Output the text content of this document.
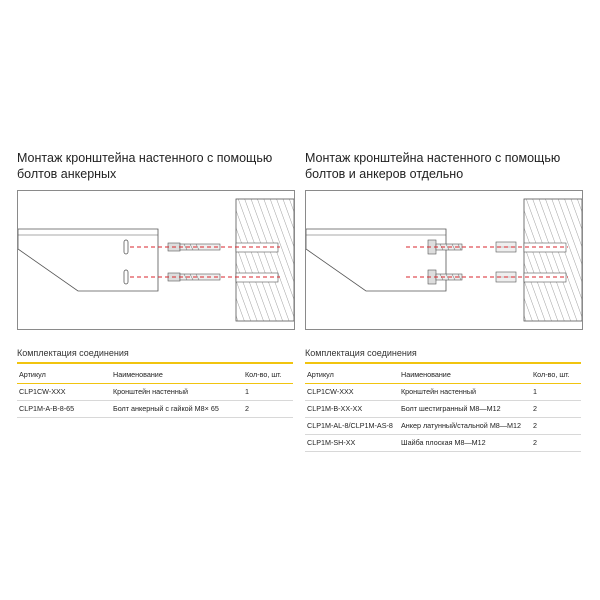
Монтаж кронштейна настенного с помощью
болтов анкерных

Комплектация соединения
Артикул	Наименование	Кол-во, шт.
CLP1CW-XXX	Кронштейн настенный	1
CLP1M-A-B-8-65	Болт анкерный с гайкой M8× 65	2

Монтаж кронштейна настенного с помощью
болтов и анкеров отдельно

Комплектация соединения
Артикул	Наименование	Кол-во, шт.
CLP1CW-XXX	Кронштейн настенный	1
CLP1M-B-XX-XX	Болт шестигранный M8—M12	2
CLP1M-AL-8/CLP1M-AS-8	Анкер латунный/стальной M8—M12	2
CLP1M-SH-XX	Шайба плоская M8—M12	2
